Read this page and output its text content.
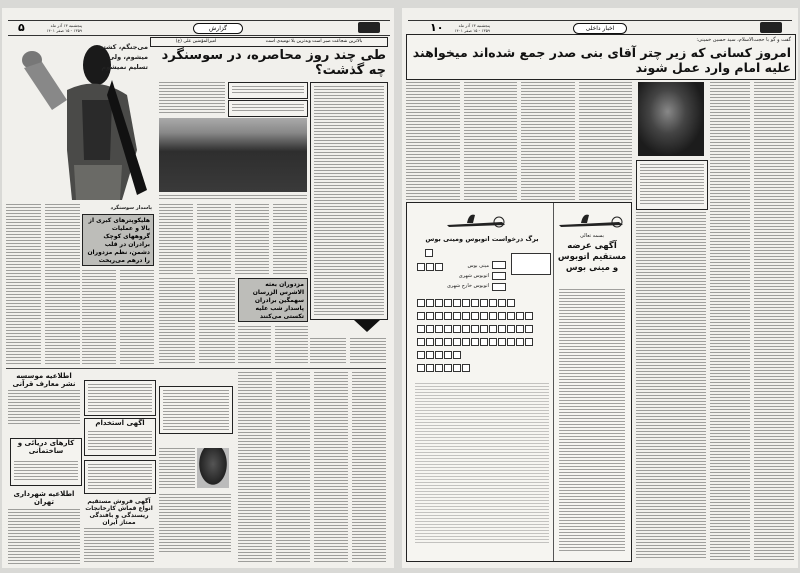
۵	پنجشنبه ۱۳ آذر ماه ۱۳۵۹ - ۱۵ صفر ۱۴۰۱	گزارش
بالاترین شجاعت صبر است وبدترین بلا نومیدی است
امیرالمؤمنین علی (ع)
طی چند روز محاصره، در سوسنگرد چه گذشت؟
می‌جنگم، کشته میشوم، ولی تسلیم نمیشوم
پاسدار سوسنگرد
هلیکوپترهای کبری از بالا و عملیات گروههای کوچک برادران در قلب دشمن، نظم مزدوران را درهم می‌ریخت
مزدوران بعثه الاشرس الزرسان سهمگین برادران پاسدار شب علیه تکستی می‌کنند
اطلاعیه موسسه نشر معارف قرآنی
کارهای دریائی و ساختمانی
اطلاعیه شهرداری تهران
آگهی استخدام
آگهی فروش مستقیم انواع قماش کارخانجات ریسندگی و بافندگی ممتاز ایران
۱۰	پنجشنبه ۱۳ آذر ماه ۱۳۵۹ - ۱۵ صفر ۱۴۰۱	اخبار داخلی
گفت و گو با حجت‌الاسلام، سید حسین خمینی:
امروز کسانی که زیر چتر آقای بنی صدر جمع شده‌اند میخواهند علیه امام وارد عمل شوند
برگ درخواست اتوبوس ومینی بوس
مینی بوس
اتوبوس شهری
اتوبوس خارج شهری
بسمه تعالی
آگهی عرضه مستقیم اتوبوس و مینی بوس
